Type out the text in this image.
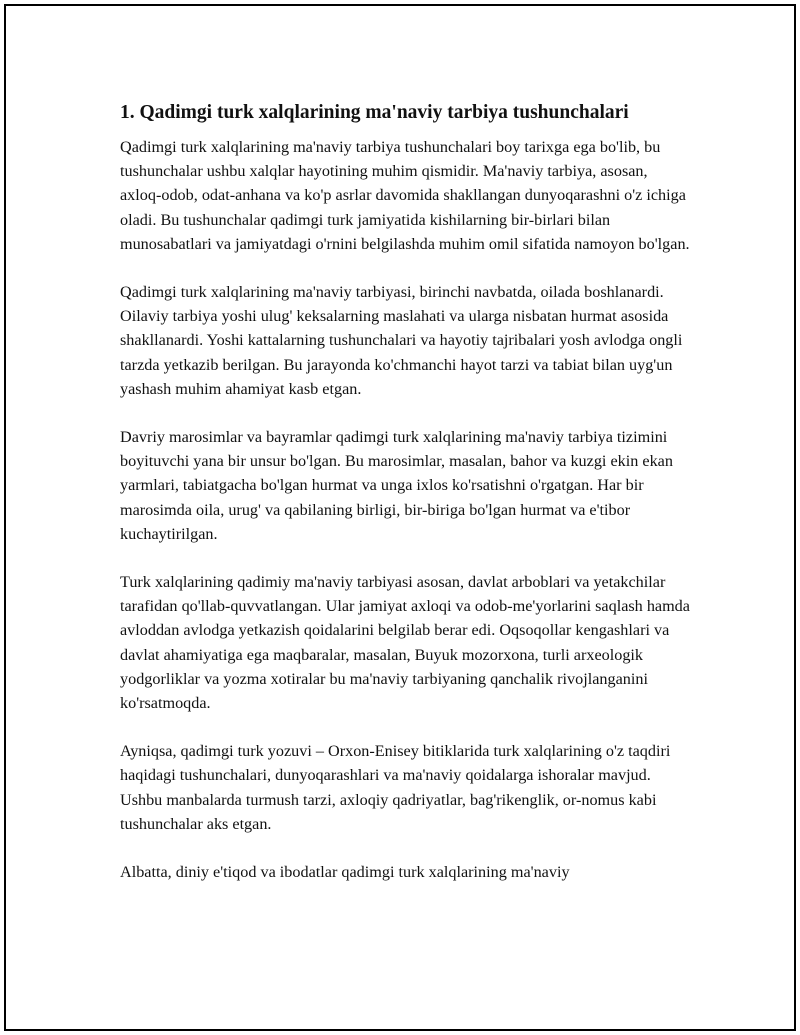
1. Qadimgi turk xalqlarining ma'naviy tarbiya tushunchalari

Qadimgi turk xalqlarining ma'naviy tarbiya tushunchalari boy tarixga ega bo'lib, bu tushunchalar ushbu xalqlar hayotining muhim qismidir. Ma'naviy tarbiya, asosan, axloq-odob, odat-anhana va ko'p asrlar davomida shakllangan dunyoqarashni o'z ichiga oladi. Bu tushunchalar qadimgi turk jamiyatida kishilarning bir-birlari bilan munosabatlari va jamiyatdagi o'rnini belgilashda muhim omil sifatida namoyon bo'lgan.

Qadimgi turk xalqlarining ma'naviy tarbiyasi, birinchi navbatda, oilada boshlanardi. Oilaviy tarbiya yoshi ulug' keksalarning maslahati va ularga nisbatan hurmat asosida shakllanardi. Yoshi kattalarning tushunchalari va hayotiy tajribalari yosh avlodga ongli tarzda yetkazib berilgan. Bu jarayonda ko'chmanchi hayot tarzi va tabiat bilan uyg'un yashash muhim ahamiyat kasb etgan.

Davriy marosimlar va bayramlar qadimgi turk xalqlarining ma'naviy tarbiya tizimini boyituvchi yana bir unsur bo'lgan. Bu marosimlar, masalan, bahor va kuzgi ekin ekan yarmlari, tabiatgacha bo'lgan hurmat va unga ixlos ko'rsatishni o'rgatgan. Har bir marosimda oila, urug' va qabilaning birligi, bir-biriga bo'lgan hurmat va e'tibor kuchaytirilgan.

Turk xalqlarining qadimiy ma'naviy tarbiyasi asosan, davlat arboblari va yetakchilar tarafidan qo'llab-quvvatlangan. Ular jamiyat axloqi va odob-me'yorlarini saqlash hamda avloddan avlodga yetkazish qoidalarini belgilab berar edi. Oqsoqollar kengashlari va davlat ahamiyatiga ega maqbaralar, masalan, Buyuk mozorxona, turli arxeologik yodgorliklar va yozma xotiralar bu ma'naviy tarbiyaning qanchalik rivojlanganini ko'rsatmoqda.

Ayniqsa, qadimgi turk yozuvi – Orxon-Enisey bitiklarida turk xalqlarining o'z taqdiri haqidagi tushunchalari, dunyoqarashlari va ma'naviy qoidalarga ishoralar mavjud. Ushbu manbalarda turmush tarzi, axloqiy qadriyatlar, bag'rikenglik, or-nomus kabi tushunchalar aks etgan.

Albatta, diniy e'tiqod va ibodatlar qadimgi turk xalqlarining ma'naviy
